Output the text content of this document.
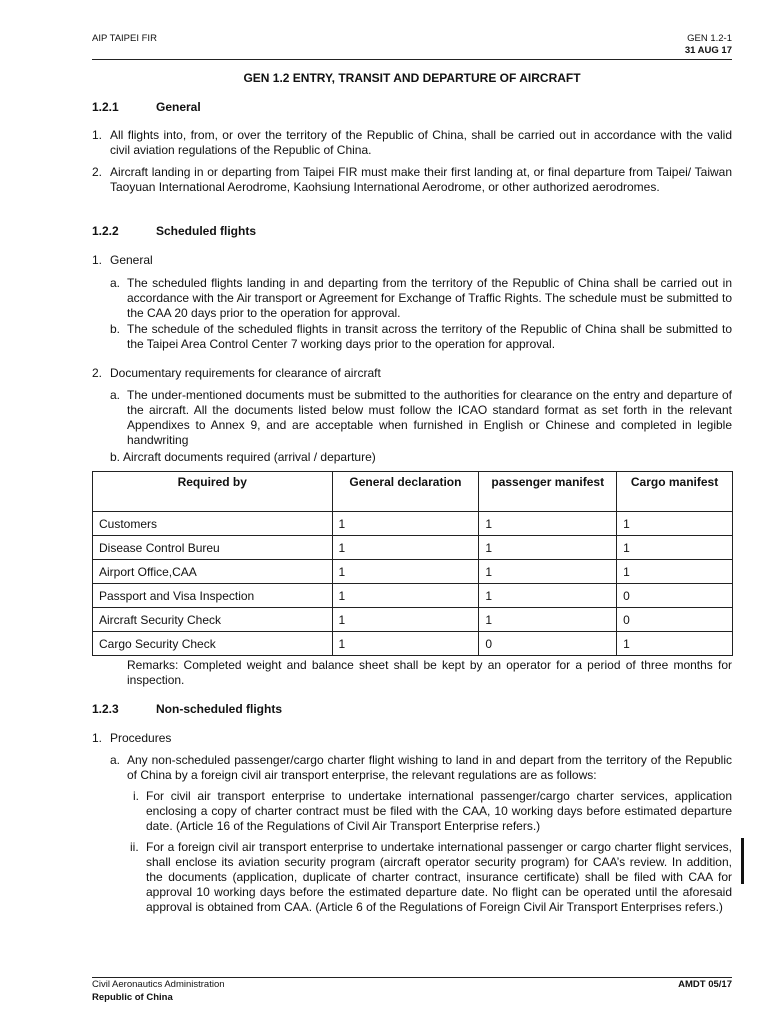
AIP TAIPEI FIR	GEN 1.2-1
31 AUG 17
GEN 1.2 ENTRY, TRANSIT AND DEPARTURE OF AIRCRAFT
1.2.1	General
1. All flights into, from, or over the territory of the Republic of China, shall be carried out in accordance with the valid civil aviation regulations of the Republic of China.
2. Aircraft landing in or departing from Taipei FIR must make their first landing at, or final departure from Taipei/ Taiwan Taoyuan International Aerodrome, Kaohsiung International Aerodrome, or other authorized aerodromes.
1.2.2	Scheduled flights
1. General
a. The scheduled flights landing in and departing from the territory of the Republic of China shall be carried out in accordance with the Air transport or Agreement for Exchange of Traffic Rights. The schedule must be submitted to the CAA 20 days prior to the operation for approval.
b. The schedule of the scheduled flights in transit across the territory of the Republic of China shall be submitted to the Taipei Area Control Center 7 working days prior to the operation for approval.
2. Documentary requirements for clearance of aircraft
a. The under-mentioned documents must be submitted to the authorities for clearance on the entry and departure of the aircraft. All the documents listed below must follow the ICAO standard format as set forth in the relevant Appendixes to Annex 9, and are acceptable when furnished in English or Chinese and completed in legible handwriting
b. Aircraft documents required (arrival / departure)
Required by	General declaration	passenger manifest	Cargo manifest
Customers	1	1	1
Disease Control Bureu	1	1	1
Airport Office,CAA	1	1	1
Passport and Visa Inspection	1	1	0
Aircraft Security Check	1	1	0
Cargo Security Check	1	0	1
Remarks: Completed weight and balance sheet shall be kept by an operator for a period of three months for inspection.
1.2.3	Non-scheduled flights
1. Procedures
a. Any non-scheduled passenger/cargo charter flight wishing to land in and depart from the territory of the Republic of China by a foreign civil air transport enterprise, the relevant regulations are as follows:
i. For civil air transport enterprise to undertake international passenger/cargo charter services, application enclosing a copy of charter contract must be filed with the CAA, 10 working days before estimated departure date. (Article 16 of the Regulations of Civil Air Transport Enterprise refers.)
ii. For a foreign civil air transport enterprise to undertake international passenger or cargo charter flight services, shall enclose its aviation security program (aircraft operator security program) for CAA’s review. In addition, the documents (application, duplicate of charter contract, insurance certificate) shall be filed with CAA for approval 10 working days before the estimated departure date. No flight can be operated until the aforesaid approval is obtained from CAA. (Article 6 of the Regulations of Foreign Civil Air Transport Enterprises refers.)
Civil Aeronautics Administration
Republic of China
AMDT 05/17
